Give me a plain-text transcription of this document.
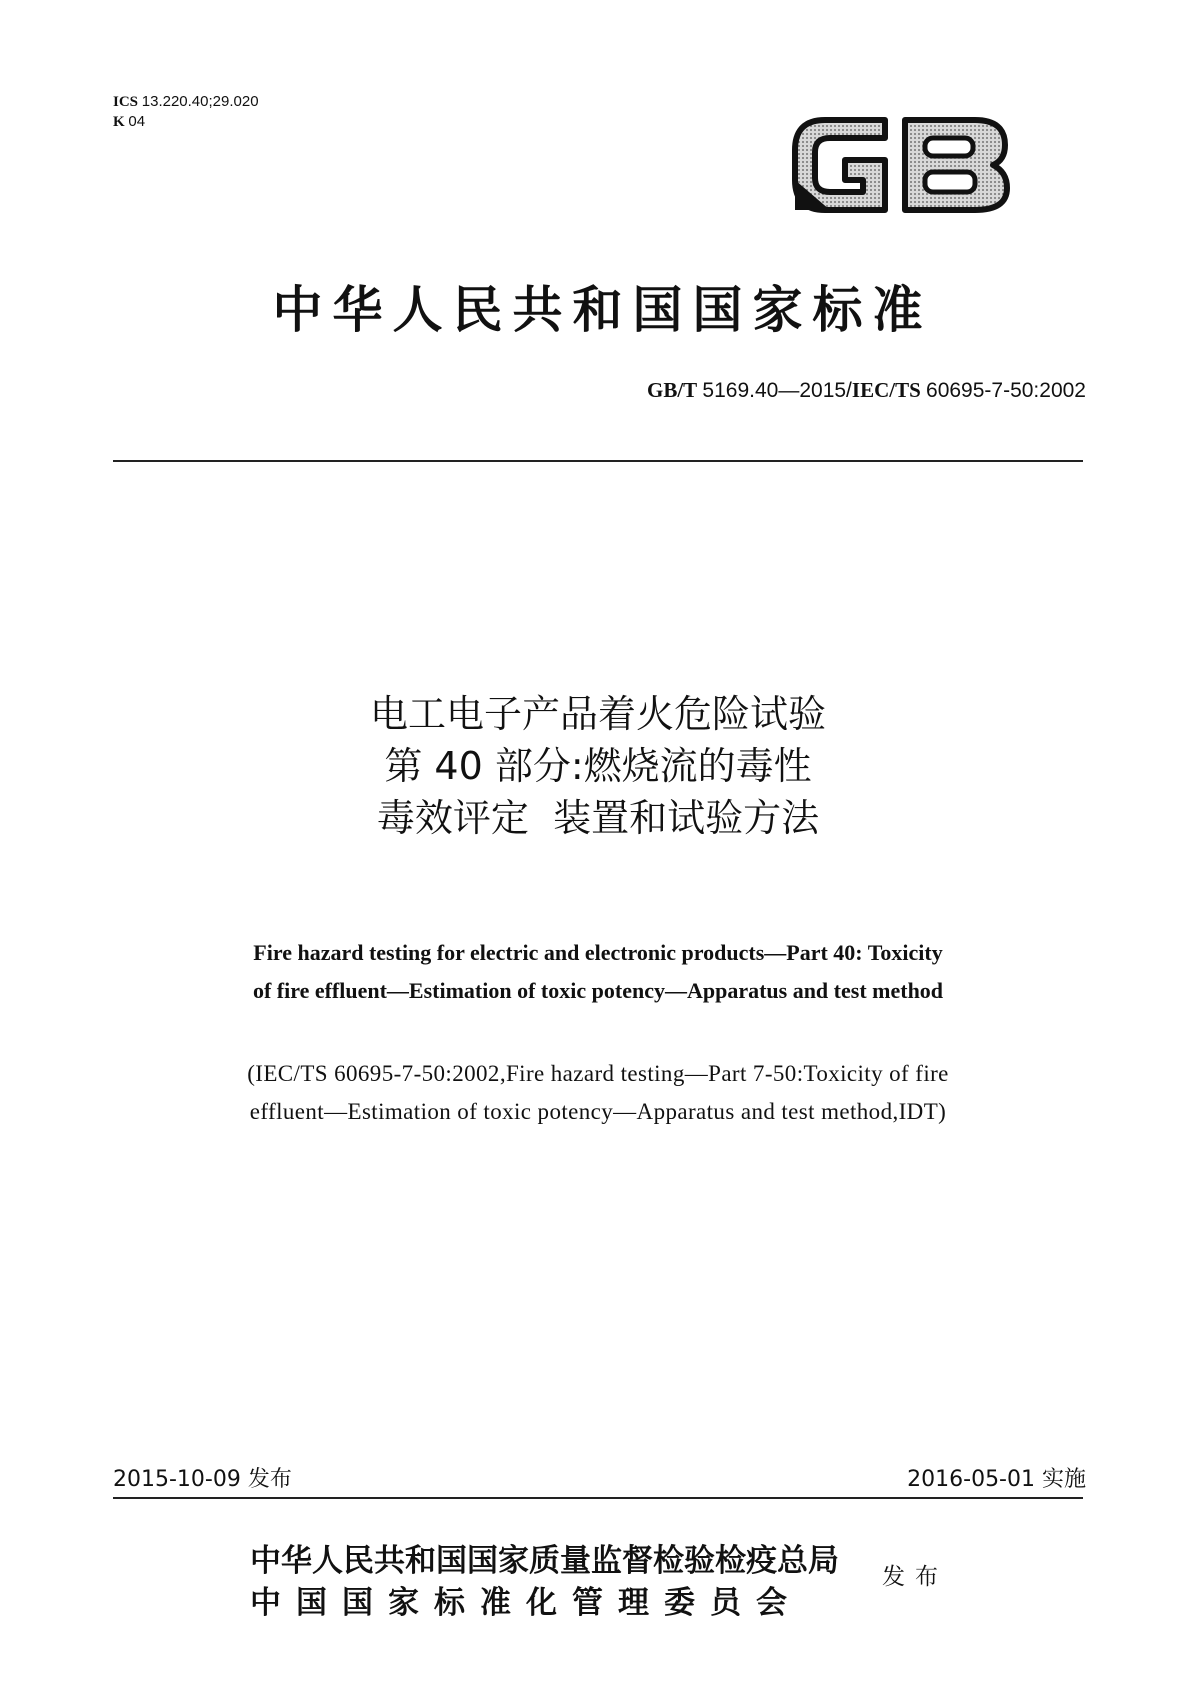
ICS 13.220.40;29.020
K 04
中华人民共和国国家标准
GB/T 5169.40—2015/IEC/TS 60695-7-50:2002
电工电子产品着火危险试验
第 40 部分:燃烧流的毒性
毒效评定  装置和试验方法
Fire hazard testing for electric and electronic products—Part 40: Toxicity
of fire effluent—Estimation of toxic potency—Apparatus and test method
(IEC/TS 60695-7-50:2002,Fire hazard testing—Part 7-50:Toxicity of fire
effluent—Estimation of toxic potency—Apparatus and test method,IDT)
2015-10-09 发布	2016-05-01 实施
中华人民共和国国家质量监督检验检疫总局
中国国家标准化管理委员会
发布
